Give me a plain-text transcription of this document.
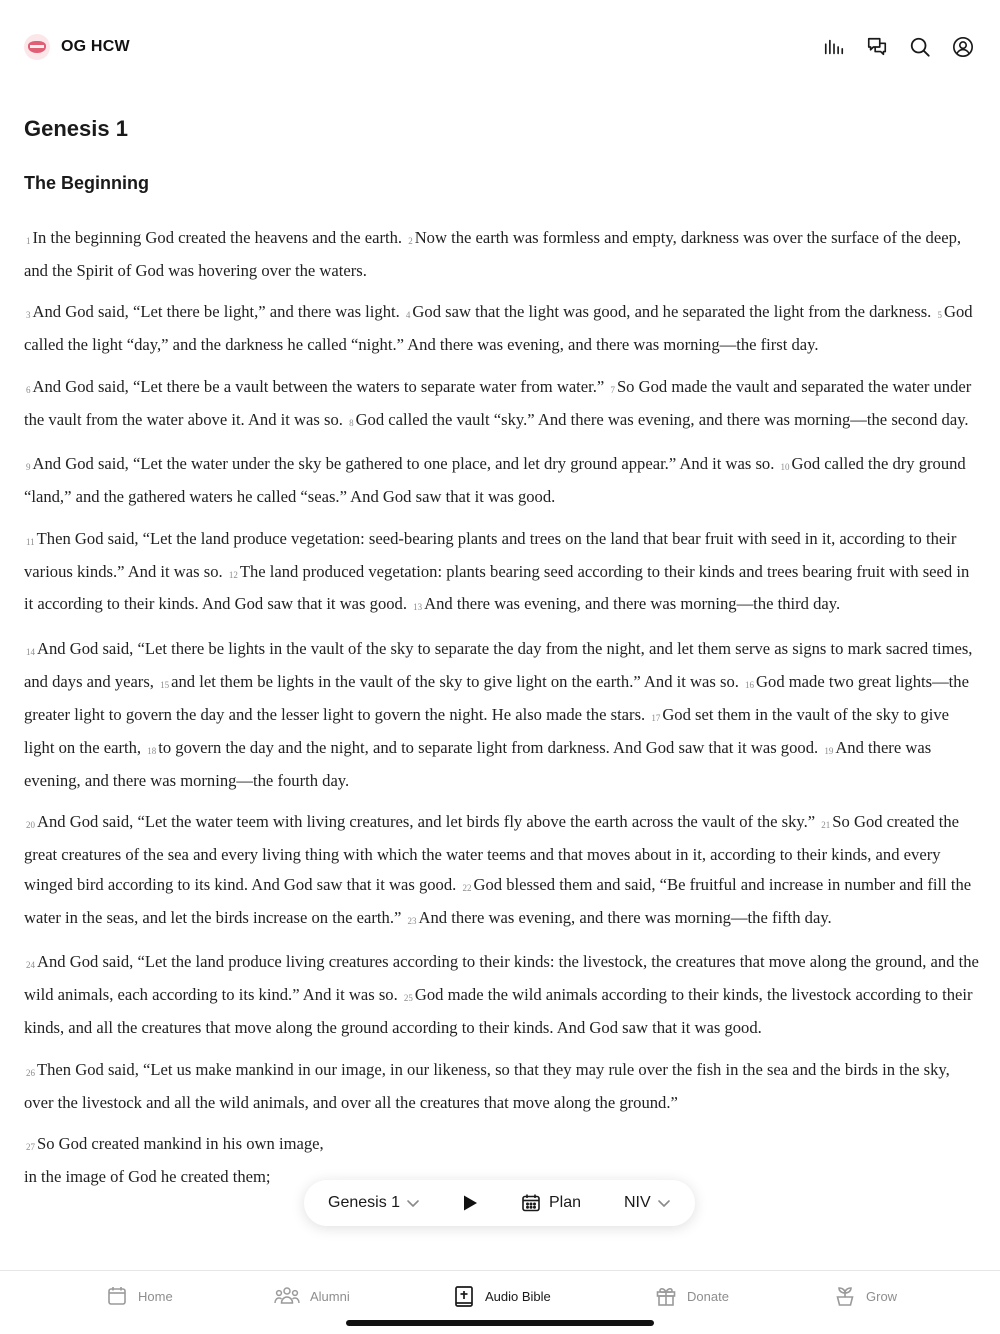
OG HCW
Genesis 1
The Beginning

1 In the beginning God created the heavens and the earth. 2 Now the earth was formless and empty, darkness was over the surface of the deep, and the Spirit of God was hovering over the waters.

3 And God said, “Let there be light,” and there was light. 4 God saw that the light was good, and he separated the light from the darkness. 5 God called the light “day,” and the darkness he called “night.” And there was evening, and there was morning—the first day.

6 And God said, “Let there be a vault between the waters to separate water from water.” 7 So God made the vault and separated the water under the vault from the water above it. And it was so. 8 God called the vault “sky.” And there was evening, and there was morning—the second day.

9 And God said, “Let the water under the sky be gathered to one place, and let dry ground appear.” And it was so. 10 God called the dry ground “land,” and the gathered waters he called “seas.” And God saw that it was good.

11 Then God said, “Let the land produce vegetation: seed-bearing plants and trees on the land that bear fruit with seed in it, according to their various kinds.” And it was so. 12 The land produced vegetation: plants bearing seed according to their kinds and trees bearing fruit with seed in it according to their kinds. And God saw that it was good. 13 And there was evening, and there was morning—the third day.

14 And God said, “Let there be lights in the vault of the sky to separate the day from the night, and let them serve as signs to mark sacred times, and days and years, 15 and let them be lights in the vault of the sky to give light on the earth.” And it was so. 16 God made two great lights—the greater light to govern the day and the lesser light to govern the night. He also made the stars. 17 God set them in the vault of the sky to give light on the earth, 18 to govern the day and the night, and to separate light from darkness. And God saw that it was good. 19 And there was evening, and there was morning—the fourth day.

20 And God said, “Let the water teem with living creatures, and let birds fly above the earth across the vault of the sky.” 21 So God created the great creatures of the sea and every living thing with which the water teems and that moves about in it, according to their kinds, and every winged bird according to its kind. And God saw that it was good. 22 God blessed them and said, “Be fruitful and increase in number and fill the water in the seas, and let the birds increase on the earth.” 23 And there was evening, and there was morning—the fifth day.

24 And God said, “Let the land produce living creatures according to their kinds: the livestock, the creatures that move along the ground, and the wild animals, each according to its kind.” And it was so. 25 God made the wild animals according to their kinds, the livestock according to their kinds, and all the creatures that move along the ground according to their kinds. And God saw that it was good.

26 Then God said, “Let us make mankind in our image, in our likeness, so that they may rule over the fish in the sea and the birds in the sky, over the livestock and all the wild animals, and over all the creatures that move along the ground.”

27 So God created mankind in his own image,

in the image of God he created them;

Genesis 1	Plan	NIV
Home	Alumni	Audio Bible	Donate	Grow
